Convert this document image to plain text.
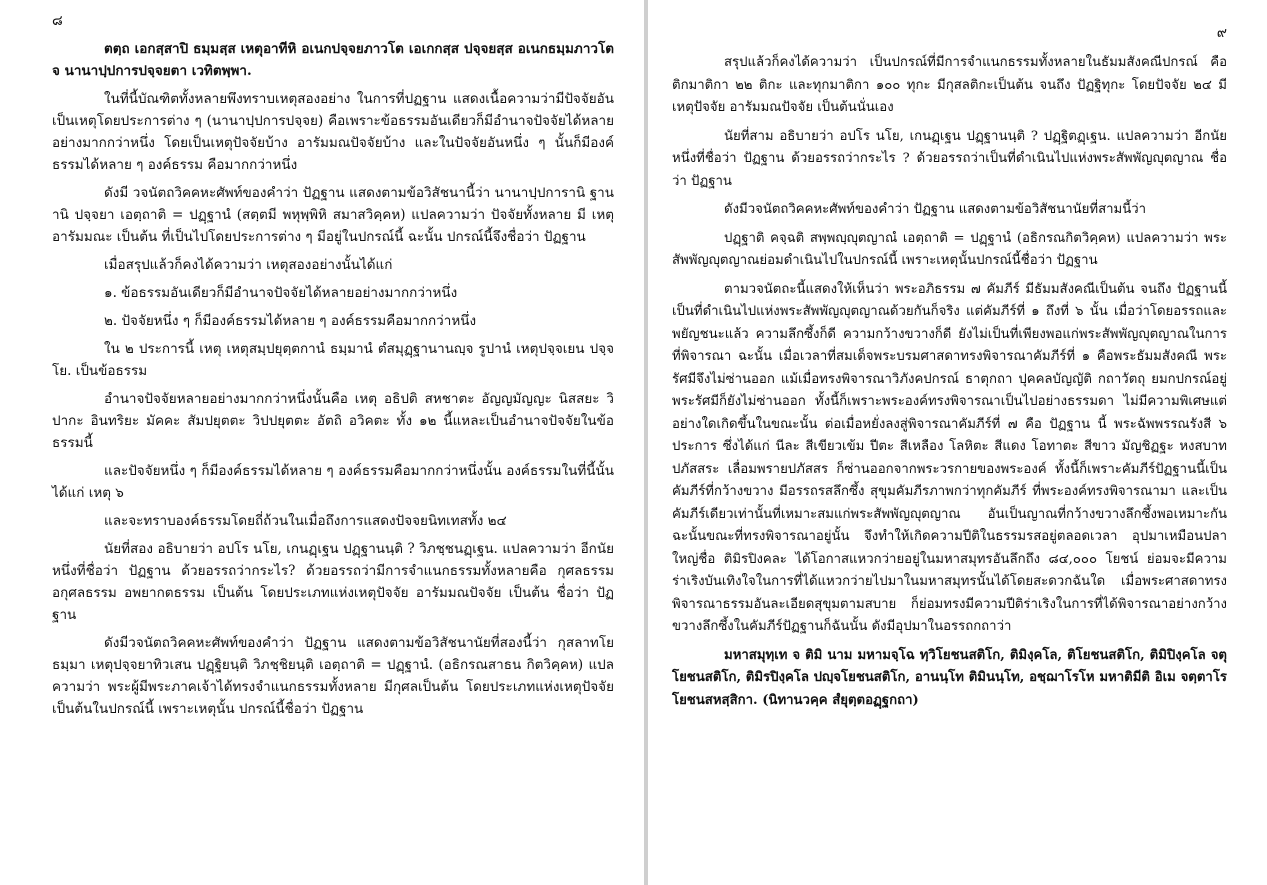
๘

ตตฺถ เอกสฺสาปิ ธมฺมสฺส เหตุอาทีหิ อเนกปจฺจยภาวโต เอเกกสฺส ปจฺจยสฺส อเนกธมฺมภาวโต จ นานาปฺปการปจฺจยตา เวทิตพฺพา.

ในที่นี้บัณฑิตทั้งหลายพึงทราบเหตุสองอย่าง ในการที่ปฏฐาน แสดงเนื้อความว่ามีปัจจัยอันเป็นเหตุโดยประการต่าง ๆ (นานาปฺปการปจฺจย) คือเพราะข้อธรรมอันเดียวก็มีอำนาจปัจจัยได้หลายอย่างมากกว่าหนึ่ง โดยเป็นเหตุปัจจัยบ้าง อารัมมณปัจจัยบ้าง และในปัจจัยอันหนึ่ง ๆ นั้นก็มีองค์ธรรมได้หลาย ๆ องค์ธรรม คือมากกว่าหนึ่ง

ดังมี วจนัตถวิคคหะศัพท์ของคำว่า ปัฏฐาน แสดงตามข้อวิสัชนานี้ว่า นานาปฺปการานิ ฐานานิ ปจฺจยา เอตฺถาติ = ปฏฺฐานํ (สตฺตมี พหุพฺพิหิ สมาสวิคฺคห) แปลความว่า ปัจจัยทั้งหลาย มี เหตุ อารัมมณะ เป็นต้น ที่เป็นไปโดยประการต่าง ๆ มีอยู่ในปกรณ์นี้ ฉะนั้น ปกรณ์นี้จึงชื่อว่า ปัฏฐาน

เมื่อสรุปแล้วก็คงได้ความว่า เหตุสองอย่างนั้นได้แก่

๑. ข้อธรรมอันเดียวก็มีอำนาจปัจจัยได้หลายอย่างมากกว่าหนึ่ง

๒. ปัจจัยหนึ่ง ๆ ก็มีองค์ธรรมได้หลาย ๆ องค์ธรรมคือมากกว่าหนึ่ง

ใน ๒ ประการนี้ เหตุ เหตุสมฺปยุตฺตกานํ ธมฺมานํ ตํสมุฏฺฐานานญฺจ รูปานํ เหตุปจฺจเยน ปจฺจโย. เป็นข้อธรรม

อำนาจปัจจัยหลายอย่างมากกว่าหนึ่งนั้นคือ เหตุ อธิปติ สหชาตะ อัญญมัญญะ นิสสยะ วิปากะ อินทริยะ มัคคะ สัมปยุตตะ วิปปยุตตะ อัตถิ อวิคตะ ทั้ง ๑๒ นี้แหละเป็นอำนาจปัจจัยในข้อธรรมนี้

และปัจจัยหนึ่ง ๆ ก็มีองค์ธรรมได้หลาย ๆ องค์ธรรมคือมากกว่าหนึ่งนั้น องค์ธรรมในที่นี้นั้นได้แก่ เหตุ ๖

และจะทราบองค์ธรรมโดยถี่ถ้วนในเมื่อถึงการแสดงปัจจยนิทเทสทั้ง ๒๔

นัยที่สอง อธิบายว่า อปโร นโย, เกนฏฺเฐน ปฏฺฐานนฺติ ? วิภชฺชนฏฺเฐน. แปลความว่า อีกนัยหนึ่งที่ชื่อว่า ปัฏฐาน ด้วยอรรถว่ากระไร? ด้วยอรรถว่ามีการจำแนกธรรมทั้งหลายคือ กุศลธรรม อกุศลธรรม อพยากตธรรม เป็นต้น โดยประเภทแห่งเหตุปัจจัย อารัมมณปัจจัย เป็นต้น ชื่อว่า ปัฏฐาน

ดังมีวจนัตถวิคคหะศัพท์ของคำว่า ปัฏฐาน แสดงตามข้อวิสัชนานัยที่สองนี้ว่า กุสลาทโย ธมฺมา เหตุปจฺจยาทิวเสน ปฏฺฐิยนฺติ วิภชฺชิยนฺติ เอตฺถาติ = ปฏฺฐานํ. (อธิกรณสาธน กิตวิคฺคห) แปลความว่า พระผู้มีพระภาคเจ้าได้ทรงจำแนกธรรมทั้งหลาย มีกุศลเป็นต้น โดยประเภทแห่งเหตุปัจจัยเป็นต้นในปกรณ์นี้ เพราะเหตุนั้น ปกรณ์นี้ชื่อว่า ปัฏฐาน

๙

สรุปแล้วก็คงได้ความว่า เป็นปกรณ์ที่มีการจำแนกธรรมทั้งหลายในธัมมสังคณีปกรณ์ คือ ติกมาติกา ๒๒ ติกะ และทุกมาติกา ๑๐๐ ทุกะ มีกุสลติกะเป็นต้น จนถึง ปัฏฐิทุกะ โดยปัจจัย ๒๔ มี เหตุปัจจัย อารัมมณปัจจัย เป็นต้นนั่นเอง

นัยที่สาม อธิบายว่า อปโร นโย, เกนฏฺเฐน ปฏฺฐานนฺติ ? ปฏฺฐิตฏฺเฐน. แปลความว่า อีกนัยหนึ่งที่ชื่อว่า ปัฏฐาน ด้วยอรรถว่ากระไร ? ด้วยอรรถว่าเป็นที่ดำเนินไปแห่งพระสัพพัญญุตญาณ ชื่อว่า ปัฏฐาน

ดังมีวจนัตถวิคคหะศัพท์ของคำว่า ปัฏฐาน แสดงตามข้อวิสัชนานัยที่สามนี้ว่า

ปฏฺฐาติ คจฺฉติ สพฺพญฺญุตญาณํ เอตฺถาติ = ปฏฺฐานํ (อธิกรณกิตวิคฺคห) แปลความว่า พระสัพพัญญุตญาณย่อมดำเนินไปในปกรณ์นี้ เพราะเหตุนั้นปกรณ์นี้ชื่อว่า ปัฏฐาน

ตามวจนัตถะนี้แสดงให้เห็นว่า พระอภิธรรม ๗ คัมภีร์ มีธัมมสังคณีเป็นต้น จนถึง ปัฏฐานนี้ เป็นที่ดำเนินไปแห่งพระสัพพัญญุตญาณด้วยกันก็จริง แต่คัมภีร์ที่ ๑ ถึงที่ ๖ นั้น เมื่อว่าโดยอรรถและพยัญชนะแล้ว ความลึกซึ้งก็ดี ความกว้างขวางก็ดี ยังไม่เป็นที่เพียงพอแก่พระสัพพัญญุตญาณในการที่พิจารณา ฉะนั้น เมื่อเวลาที่สมเด็จพระบรมศาสดาทรงพิจารณาคัมภีร์ที่ ๑ คือพระธัมมสังคณี พระรัศมีจึงไม่ซ่านออก แม้เมื่อทรงพิจารณาวิภังคปกรณ์ ธาตุกถา ปุคคลบัญญัติ กถาวัตถุ ยมกปกรณ์อยู่ พระรัศมีก็ยังไม่ซ่านออก ทั้งนี้ก็เพราะพระองค์ทรงพิจารณาเป็นไปอย่างธรรมดา ไม่มีความพิเศษแต่อย่างใดเกิดขึ้นในขณะนั้น ต่อเมื่อหยั่งลงสู่พิจารณาคัมภีร์ที่ ๗ คือ ปัฏฐาน นี้ พระฉัพพรรณรังสี ๖ ประการ ซึ่งได้แก่ นีละ สีเขียวเข้ม ปีตะ สีเหลือง โลหิตะ สีแดง โอทาตะ สีขาว มัญชิฏฐะ หงสบาท ปภัสสระ เลื่อมพรายปภัสสร ก็ซ่านออกจากพระวรกายของพระองค์ ทั้งนี้ก็เพราะคัมภีร์ปัฏฐานนี้เป็นคัมภีร์ที่กว้างขวาง มีอรรถรสลึกซึ้ง สุขุมคัมภีรภาพกว่าทุกคัมภีร์ ที่พระองค์ทรงพิจารณามา และเป็นคัมภีร์เดียวเท่านั้นที่เหมาะสมแก่พระสัพพัญญุตญาณ อันเป็นญาณที่กว้างขวางลึกซึ้งพอเหมาะกัน ฉะนั้นขณะที่ทรงพิจารณาอยู่นั้น จึงทำให้เกิดความปีติในธรรมรสอยู่ตลอดเวลา อุปมาเหมือนปลาใหญ่ชื่อ ติมิรปิงคละ ได้โอกาสแหวกว่ายอยู่ในมหาสมุทรอันลึกถึง ๘๔,๐๐๐ โยชน์ ย่อมจะมีความร่าเริงบันเทิงใจในการที่ได้แหวกว่ายไปมาในมหาสมุทรนั้นได้โดยสะดวกฉันใด เมื่อพระศาสดาทรงพิจารณาธรรมอันละเอียดสุขุมตามสบาย ก็ย่อมทรงมีความปีติร่าเริงในการที่ได้พิจารณาอย่างกว้างขวางลึกซึ้งในคัมภีร์ปัฏฐานก็ฉันนั้น ดังมีอุปมาในอรรถกถาว่า

มหาสมุทฺเท จ ติมิ นาม มหามจฺโฉ ทฺวิโยชนสติโก, ติมิงฺคโล, ติโยชนสติโก, ติมิปิงฺคโล จตุโยชนสติโก, ติมิรปิงฺคโล ปญฺจโยชนสติโก, อานนฺโท ติมินนฺโท, อชฺฌาโรโห มหาติมีติ อิเม จตฺตาโร โยชนสหสฺสิกา. (นิทานวคฺค สํยุตฺตอฏฺฐกถา)
